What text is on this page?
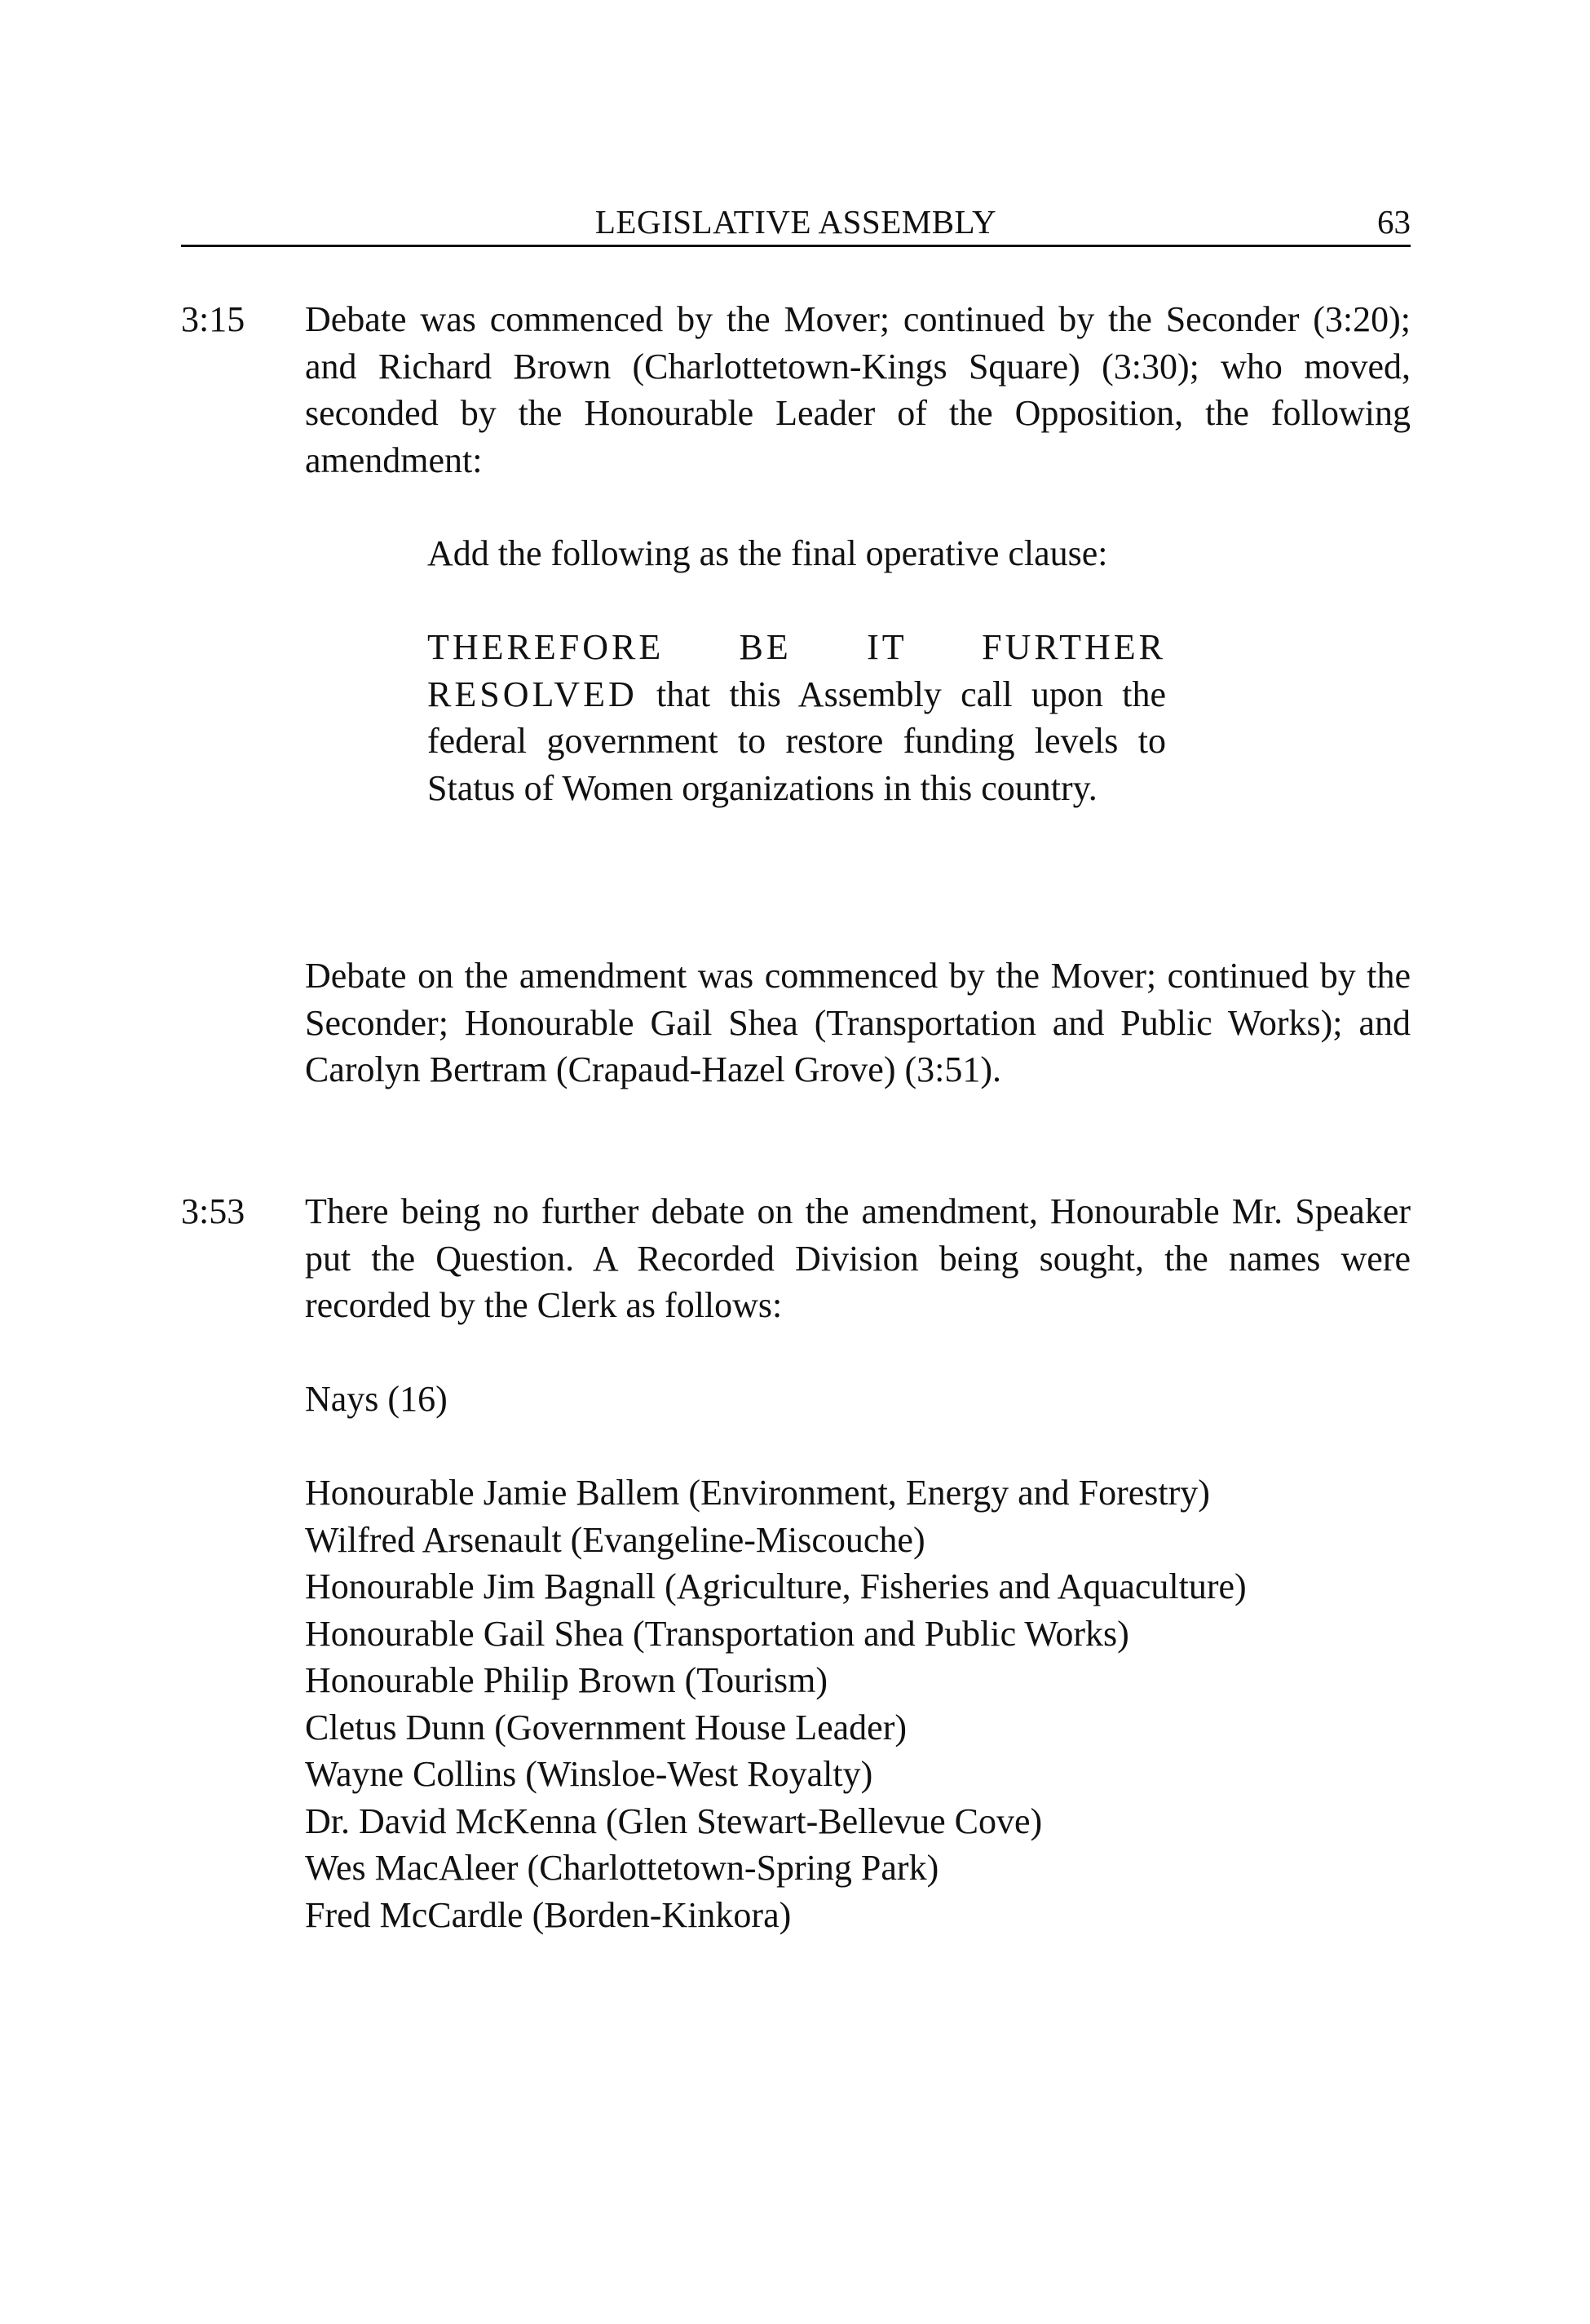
LEGISLATIVE ASSEMBLY	63
3:15 Debate was commenced by the Mover; continued by the Seconder (3:20); and Richard Brown (Charlottetown-Kings Square) (3:30); who moved, seconded by the Honourable Leader of the Opposition, the following amendment:

Add the following as the final operative clause:

THEREFORE BE IT FURTHER RESOLVED that this Assembly call upon the federal government to restore funding levels to Status of Women organizations in this country.

Debate on the amendment was commenced by the Mover; continued by the Seconder; Honourable Gail Shea (Transportation and Public Works); and Carolyn Bertram (Crapaud-Hazel Grove) (3:51).

3:53 There being no further debate on the amendment, Honourable Mr. Speaker put the Question. A Recorded Division being sought, the names were recorded by the Clerk as follows:

Nays (16)
Honourable Jamie Ballem (Environment, Energy and Forestry)
Wilfred Arsenault (Evangeline-Miscouche)
Honourable Jim Bagnall (Agriculture, Fisheries and Aquaculture)
Honourable Gail Shea (Transportation and Public Works)
Honourable Philip Brown (Tourism)
Cletus Dunn (Government House Leader)
Wayne Collins (Winsloe-West Royalty)
Dr. David McKenna (Glen Stewart-Bellevue Cove)
Wes MacAleer (Charlottetown-Spring Park)
Fred McCardle (Borden-Kinkora)
